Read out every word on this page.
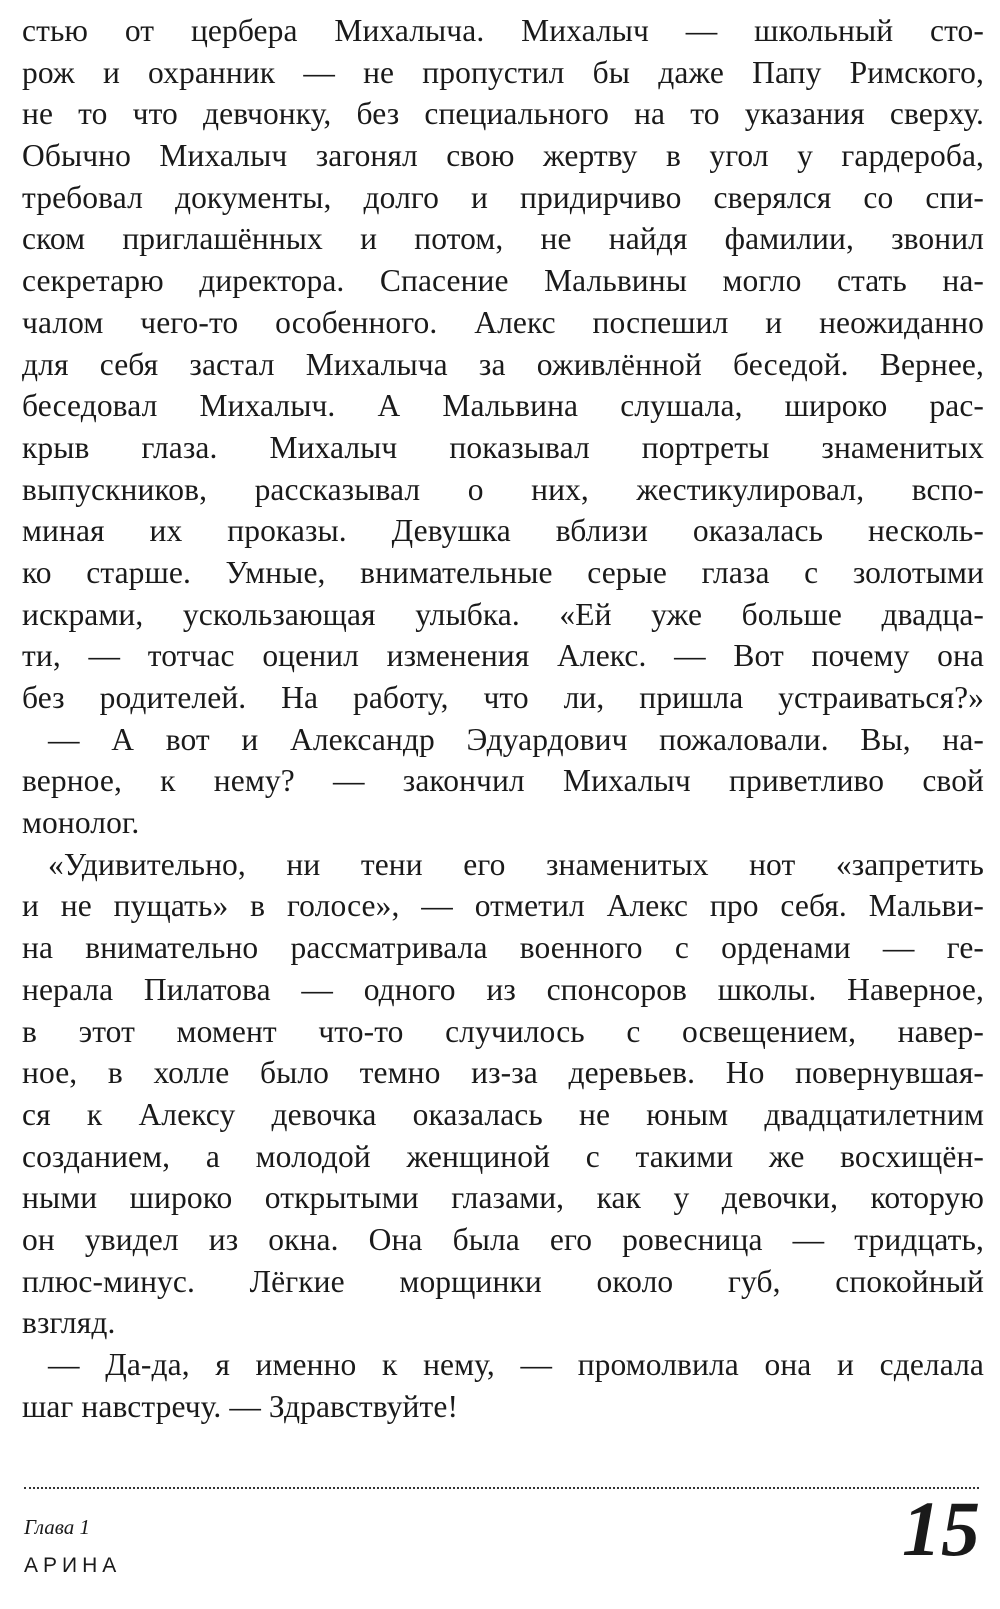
стью от цербера Михалыча. Михалыч — школьный сто-
рож и охранник — не пропустил бы даже Папу Римского,
не то что девчонку, без специального на то указания сверху.
Обычно Михалыч загонял свою жертву в угол у гардероба,
требовал документы, долго и придирчиво сверялся со спи-
ском приглашённых и потом, не найдя фамилии, звонил
секретарю директора. Спасение Мальвины могло стать на-
чалом чего-то особенного. Алекс поспешил и неожиданно
для себя застал Михалыча за оживлённой беседой. Вернее,
беседовал Михалыч. А Мальвина слушала, широко рас-
крыв глаза. Михалыч показывал портреты знаменитых
выпускников, рассказывал о них, жестикулировал, вспо-
миная их проказы. Девушка вблизи оказалась несколь-
ко старше. Умные, внимательные серые глаза с золотыми
искрами, ускользающая улыбка. «Ей уже больше двадца-
ти, — тотчас оценил изменения Алекс. — Вот почему она
без родителей. На работу, что ли, пришла устраиваться?»
— А вот и Александр Эдуардович пожаловали. Вы, на-
верное, к нему? — закончил Михалыч приветливо свой
монолог.
«Удивительно, ни тени его знаменитых нот «запретить
и не пущать» в голосе», — отметил Алекс про себя. Мальви-
на внимательно рассматривала военного с орденами — ге-
нерала Пилатова — одного из спонсоров школы. Наверное,
в этот момент что-то случилось с освещением, навер-
ное, в холле было темно из-за деревьев. Но повернувшая-
ся к Алексу девочка оказалась не юным двадцатилетним
созданием, а молодой женщиной с такими же восхищён-
ными широко открытыми глазами, как у девочки, которую
он увидел из окна. Она была его ровесница — тридцать,
плюс-минус. Лёгкие морщинки около губ, спокойный
взгляд.
— Да-да, я именно к нему, — промолвила она и сделала
шаг навстречу. — Здравствуйте!
Глава 1
АРИНА	15
